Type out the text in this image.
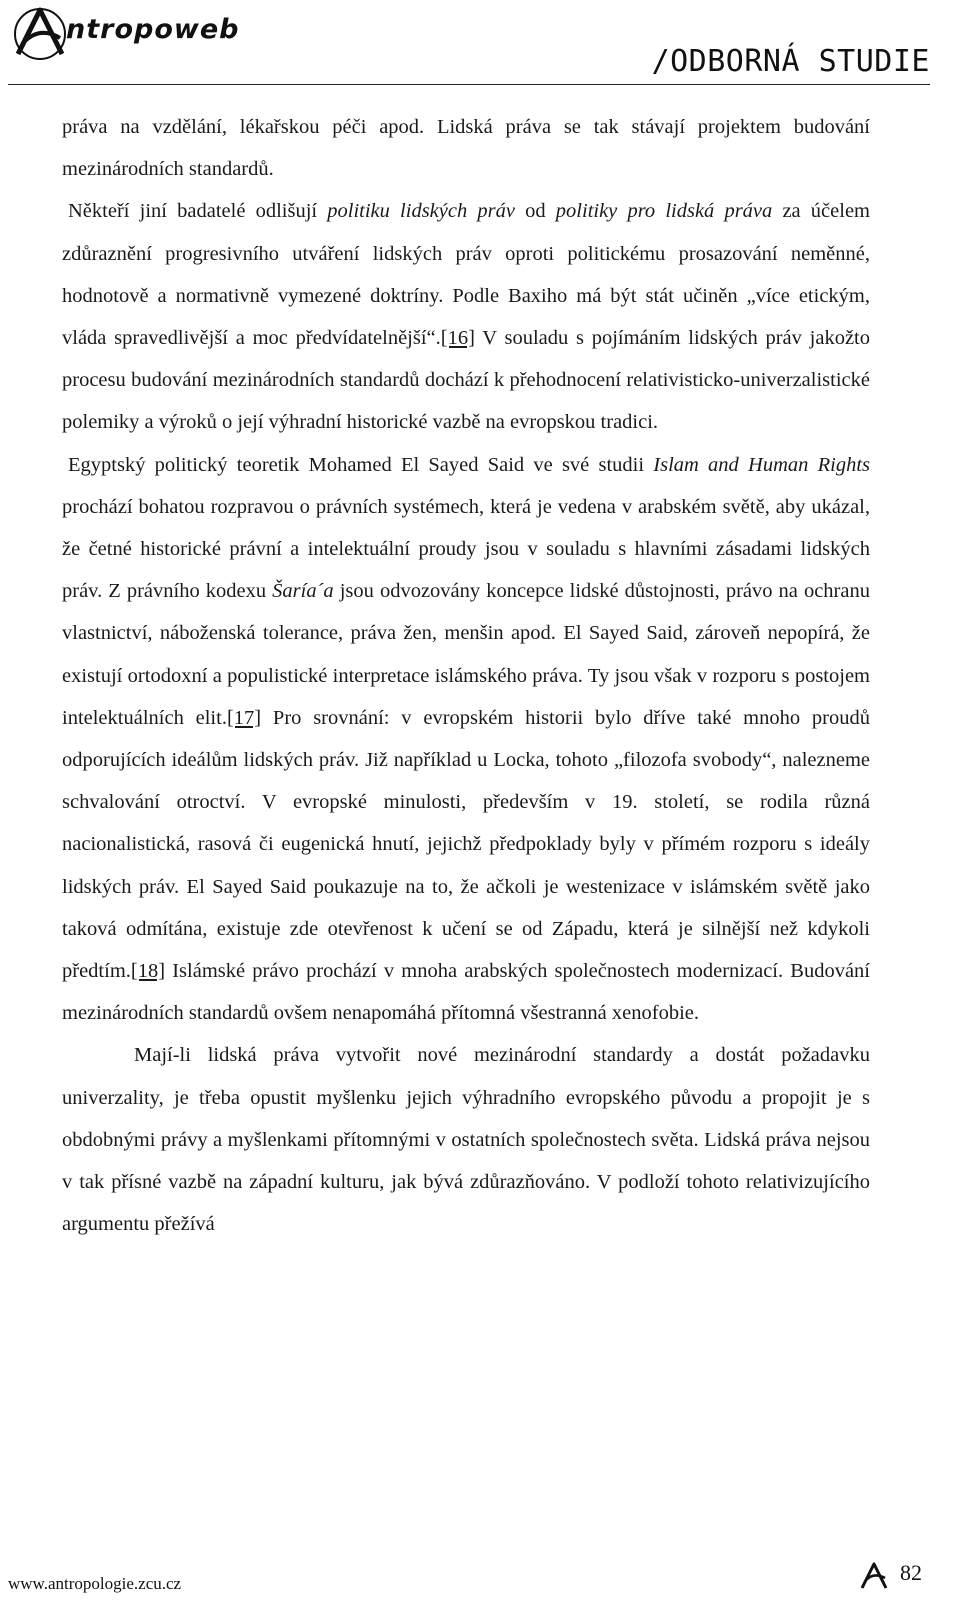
ntropoweb
/ODBORNÁ STUDIE

práva na vzdělání, lékařskou péči apod. Lidská práva se tak stávají projektem budování mezinárodních standardů.

Někteří jiní badatelé odlišují politiku lidských práv od politiky pro lidská práva za účelem zdůraznění progresivního utváření lidských práv oproti politickému prosazování neměnné, hodnotově a normativně vymezené doktríny. Podle Baxiho má být stát učiněn „více etickým, vláda spravedlivější a moc předvídatelnější“.[16] V souladu s pojímáním lidských práv jakožto procesu budování mezinárodních standardů dochází k přehodnocení relativisticko-univerzalistické polemiky a výroků o její výhradní historické vazbě na evropskou tradici.

Egyptský politický teoretik Mohamed El Sayed Said ve své studii Islam and Human Rights prochází bohatou rozpravou o právních systémech, která je vedena v arabském světě, aby ukázal, že četné historické právní a intelektuální proudy jsou v souladu s hlavními zásadami lidských práv. Z právního kodexu Šaría´a jsou odvozovány koncepce lidské důstojnosti, právo na ochranu vlastnictví, náboženská tolerance, práva žen, menšin apod. El Sayed Said, zároveň nepopírá, že existují ortodoxní a populistické interpretace islámského práva. Ty jsou však v rozporu s postojem intelektuálních elit.[17] Pro srovnání: v evropském historii bylo dříve také mnoho proudů odporujících ideálům lidských práv. Již například u Locka, tohoto „filozofa svobody“, nalezneme schvalování otroctví. V evropské minulosti, především v 19. století, se rodila různá nacionalistická, rasová či eugenická hnutí, jejichž předpoklady byly v přímém rozporu s ideály lidských práv. El Sayed Said poukazuje na to, že ačkoli je westenizace v islámském světě jako taková odmítána, existuje zde otevřenost k učení se od Západu, která je silnější než kdykoli předtím.[18] Islámské právo prochází v mnoha arabských společnostech modernizací. Budování mezinárodních standardů ovšem nenapomáhá přítomná všestranná xenofobie.

Mají-li lidská práva vytvořit nové mezinárodní standardy a dostát požadavku univerzality, je třeba opustit myšlenku jejich výhradního evropského původu a propojit je s obdobnými právy a myšlenkami přítomnými v ostatních společnostech světa. Lidská práva nejsou v tak přísné vazbě na západní kulturu, jak bývá zdůrazňováno. V podloží tohoto relativizujícího argumentu přežívá

www.antropologie.zcu.cz	82
